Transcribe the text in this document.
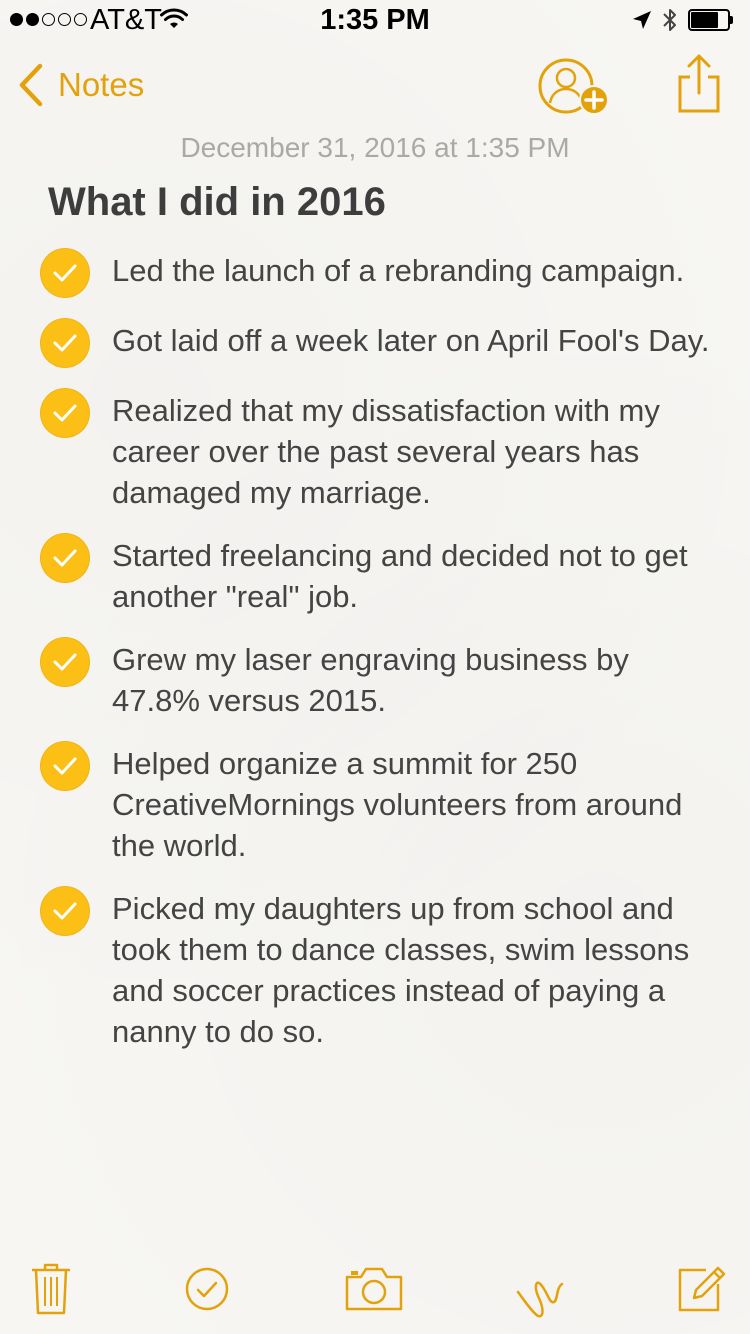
AT&T	1:35 PM
Notes
December 31, 2016 at 1:35 PM
What I did in 2016
Led the launch of a rebranding campaign.
Got laid off a week later on April Fool's Day.
Realized that my dissatisfaction with my career over the past several years has damaged my marriage.
Started freelancing and decided not to get another "real" job.
Grew my laser engraving business by 47.8% versus 2015.
Helped organize a summit for 250 CreativeMornings volunteers from around the world.
Picked my daughters up from school and took them to dance classes, swim lessons and soccer practices instead of paying a nanny to do so.
